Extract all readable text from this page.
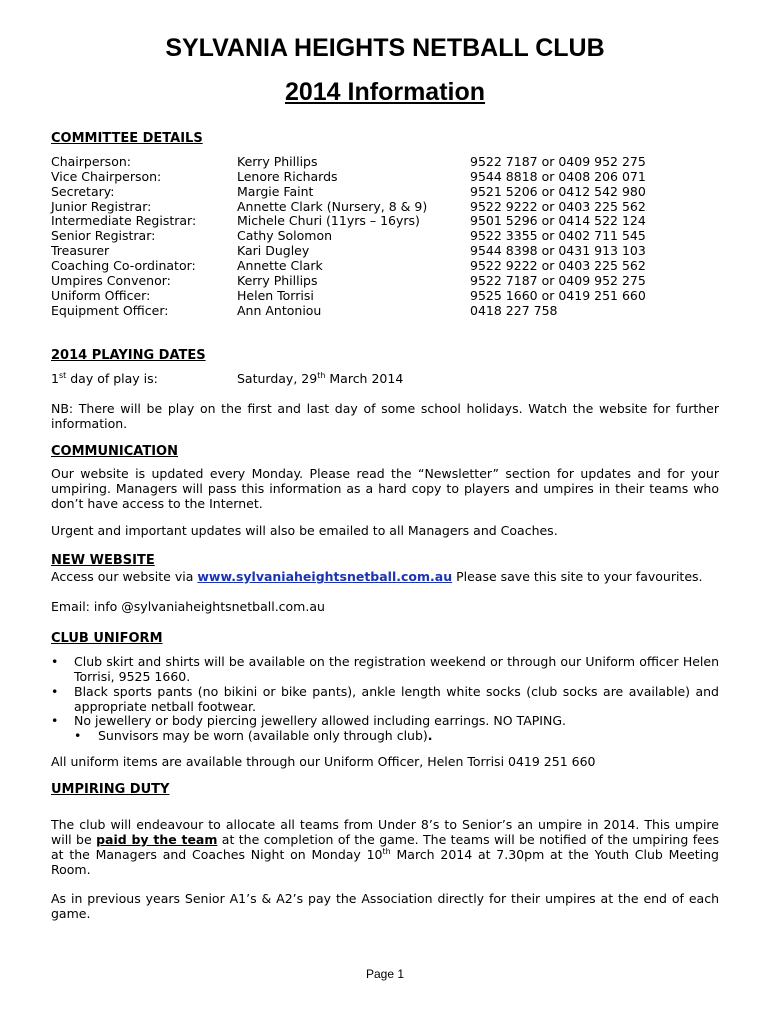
SYLVANIA HEIGHTS NETBALL CLUB
2014 Information
COMMITTEE DETAILS
Chairperson:	Kerry Phillips	9522 7187 or 0409 952 275
Vice Chairperson:	Lenore Richards	9544 8818 or 0408 206 071
Secretary:	Margie Faint	9521 5206 or 0412 542 980
Junior Registrar:	Annette Clark (Nursery, 8 & 9)	9522 9222 or 0403 225 562
Intermediate Registrar:	Michele Churi (11yrs – 16yrs)	9501 5296 or 0414 522 124
Senior Registrar:	Cathy Solomon	9522 3355 or 0402 711 545
Treasurer	Kari Dugley	9544 8398 or 0431 913 103
Coaching Co-ordinator:	Annette Clark	9522 9222 or 0403 225 562
Umpires Convenor:	Kerry Phillips	9522 7187 or 0409 952 275
Uniform Officer:	Helen Torrisi	9525 1660 or 0419 251 660
Equipment Officer:	Ann Antoniou	0418 227 758
2014 PLAYING DATES
1st day of play is:	Saturday, 29th March 2014
NB: There will be play on the first and last day of some school holidays. Watch the website for further information.
COMMUNICATION
Our website is updated every Monday. Please read the “Newsletter” section for updates and for your umpiring. Managers will pass this information as a hard copy to players and umpires in their teams who don’t have access to the Internet.
Urgent and important updates will also be emailed to all Managers and Coaches.
NEW WEBSITE
Access our website via www.sylvaniaheightsnetball.com.au Please save this site to your favourites.
Email: info @sylvaniaheightsnetball.com.au
CLUB UNIFORM
• Club skirt and shirts will be available on the registration weekend or through our Uniform officer Helen Torrisi, 9525 1660.
• Black sports pants (no bikini or bike pants), ankle length white socks (club socks are available) and appropriate netball footwear.
• No jewellery or body piercing jewellery allowed including earrings. NO TAPING.
• Sunvisors may be worn (available only through club).
All uniform items are available through our Uniform Officer, Helen Torrisi 0419 251 660
UMPIRING DUTY
The club will endeavour to allocate all teams from Under 8’s to Senior’s an umpire in 2014. This umpire will be paid by the team at the completion of the game. The teams will be notified of the umpiring fees at the Managers and Coaches Night on Monday 10th March 2014 at 7.30pm at the Youth Club Meeting Room.
As in previous years Senior A1’s & A2’s pay the Association directly for their umpires at the end of each game.
Page 1
